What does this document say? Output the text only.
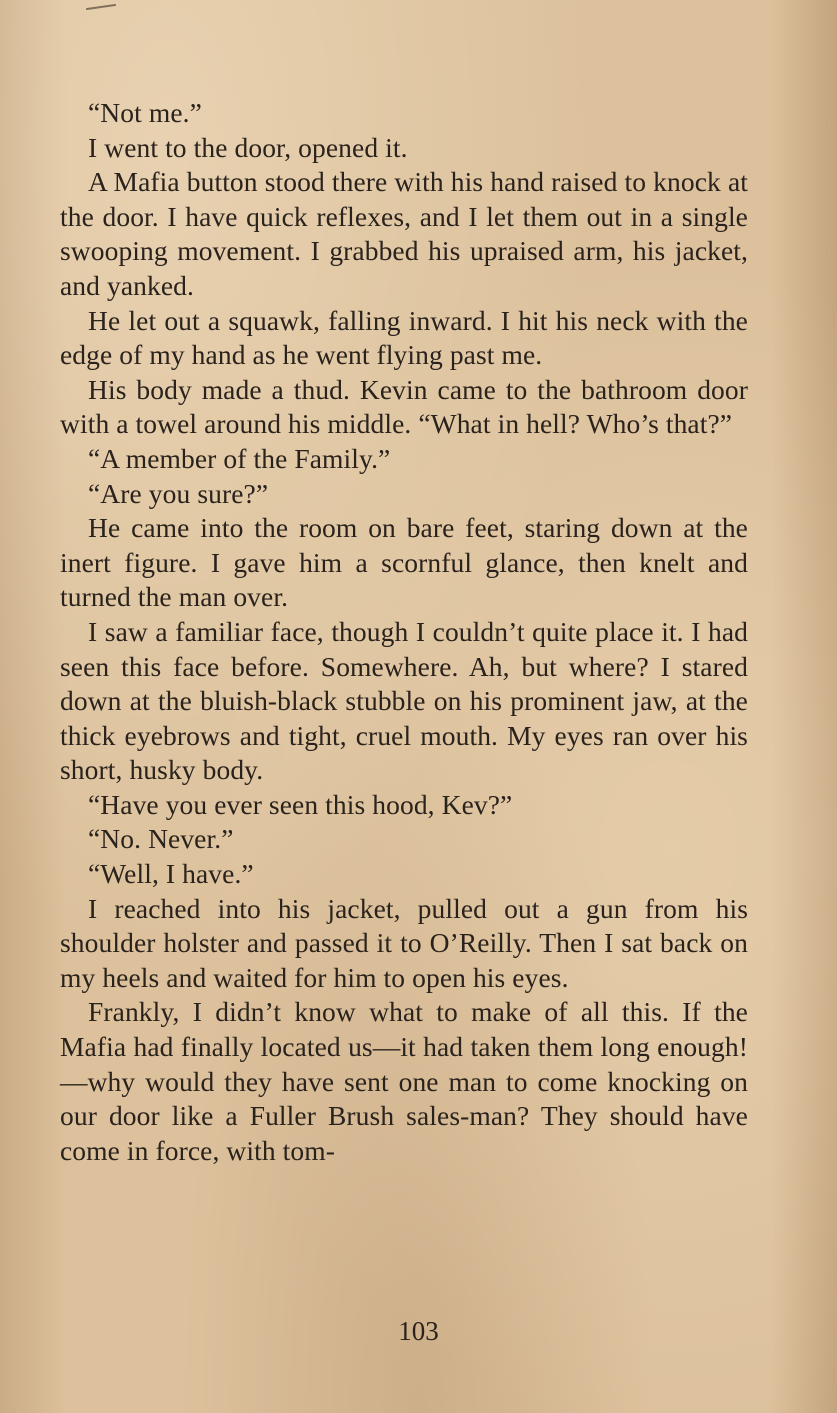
“Not me.”

I went to the door, opened it.

A Mafia button stood there with his hand raised to knock at the door. I have quick reflexes, and I let them out in a single swooping movement. I grabbed his upraised arm, his jacket, and yanked.

He let out a squawk, falling inward. I hit his neck with the edge of my hand as he went flying past me.

His body made a thud. Kevin came to the bathroom door with a towel around his middle. “What in hell? Who’s that?”

“A member of the Family.”

“Are you sure?”

He came into the room on bare feet, staring down at the inert figure. I gave him a scornful glance, then knelt and turned the man over.

I saw a familiar face, though I couldn’t quite place it. I had seen this face before. Somewhere. Ah, but where? I stared down at the bluish-black stubble on his prominent jaw, at the thick eyebrows and tight, cruel mouth. My eyes ran over his short, husky body.

“Have you ever seen this hood, Kev?”

“No. Never.”

“Well, I have.”

I reached into his jacket, pulled out a gun from his shoulder holster and passed it to O’Reilly. Then I sat back on my heels and waited for him to open his eyes.

Frankly, I didn’t know what to make of all this. If the Mafia had finally located us—it had taken them long enough!—why would they have sent one man to come knocking on our door like a Fuller Brush sales-man? They should have come in force, with tom-

103
